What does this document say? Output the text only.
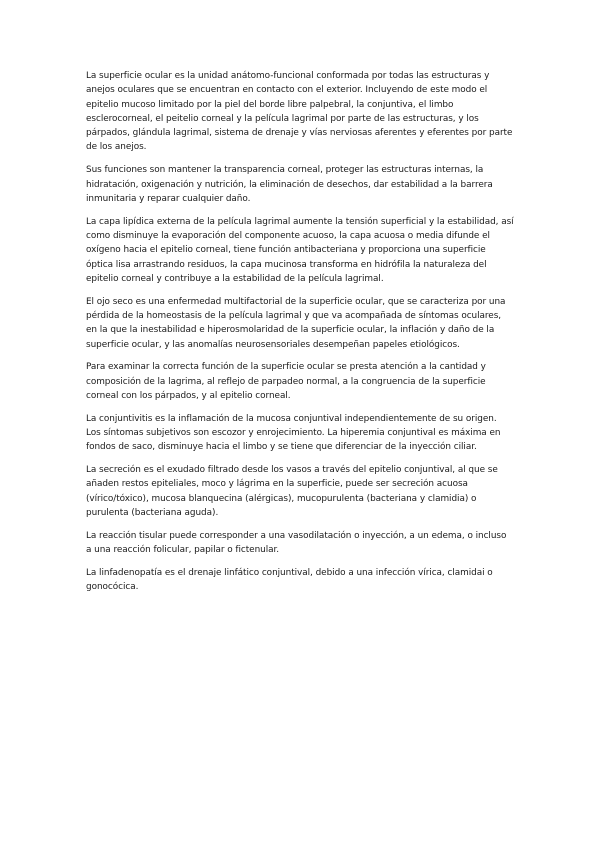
La superficie ocular es la unidad anátomo-funcional conformada por todas las estructuras y anejos oculares que se encuentran en contacto con el exterior. Incluyendo de este modo el epitelio mucoso limitado por la piel del borde libre palpebral, la conjuntiva, el limbo esclerocorneal, el peitelio corneal y la película lagrimal por parte de las estructuras, y los párpados, glándula lagrimal, sistema de drenaje y vías nerviosas aferentes y eferentes por parte de los anejos.

Sus funciones son mantener la transparencia corneal, proteger las estructuras internas, la hidratación, oxigenación y nutrición, la eliminación de desechos, dar estabilidad a la barrera inmunitaria y reparar cualquier daño.

La capa lipídica externa de la película lagrimal aumente la tensión superficial y la estabilidad, así como disminuye la evaporación del componente acuoso, la capa acuosa o media difunde el oxígeno hacia el epitelio corneal, tiene función antibacteriana y proporciona una superficie óptica lisa arrastrando residuos, la capa mucinosa transforma en hidrófila la naturaleza del epitelio corneal y contribuye a la estabilidad de la película lagrimal.

El ojo seco es una enfermedad multifactorial de la superficie ocular, que se caracteriza por una pérdida de la homeostasis de la película lagrimal y que va acompañada de síntomas oculares, en la que la inestabilidad e hiperosmolaridad de la superficie ocular, la inflación y daño de la superficie ocular, y las anomalías neurosensoriales desempeñan papeles etiológicos.

Para examinar la correcta función de la superficie ocular se presta atención a la cantidad y composición de la lagrima, al reflejo de parpadeo normal, a la congruencia de la superficie corneal con los párpados, y al epitelio corneal.

La conjuntivitis es la inflamación de la mucosa conjuntival independientemente de su origen. Los síntomas subjetivos son escozor y enrojecimiento. La hiperemia conjuntival es máxima en fondos de saco, disminuye hacia el limbo y se tiene que diferenciar de la inyección ciliar.

La secreción es el exudado filtrado desde los vasos a través del epitelio conjuntival, al que se añaden restos epiteliales, moco y lágrima en la superficie, puede ser secreción acuosa (vírico/tóxico), mucosa blanquecina (alérgicas), mucopurulenta (bacteriana y clamidia) o purulenta (bacteriana aguda).

La reacción tisular puede corresponder a una vasodilatación o inyección, a un edema, o incluso a una reacción folicular, papilar o fictenular.

La linfadenopatía es el drenaje linfático conjuntival, debido a una infección vírica, clamidai o gonocócica.
